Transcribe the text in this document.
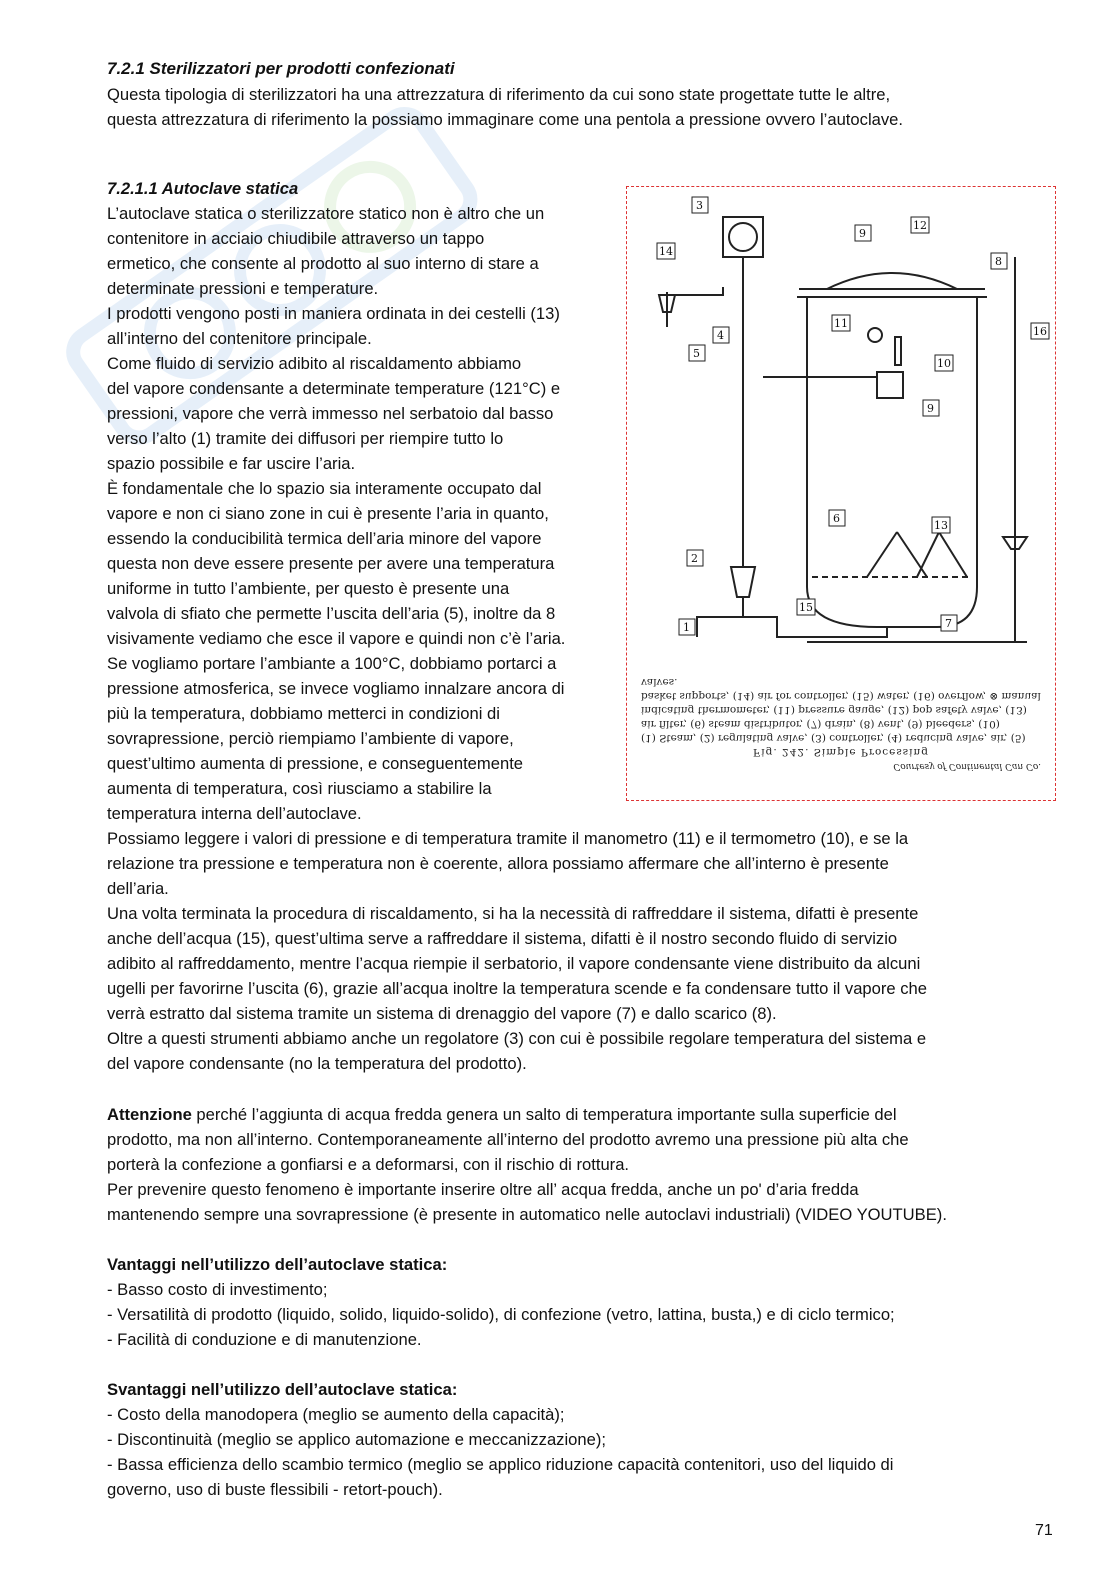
7.2.1 Sterilizzatori per prodotti confezionati

Questa tipologia di sterilizzatori ha una attrezzatura di riferimento da cui sono state progettate tutte le altre,

questa attrezzatura di riferimento la possiamo immaginare come una pentola a pressione ovvero l’autoclave.

7.2.1.1 Autoclave statica

L’autoclave statica o sterilizzatore statico non è altro che un

contenitore in acciaio chiudibile attraverso un tappo

ermetico, che consente al prodotto al suo interno di stare a

determinate pressioni e temperature.

I prodotti vengono posti in maniera ordinata in dei cestelli (13)

all’interno del contenitore principale.

Come fluido di servizio adibito al riscaldamento abbiamo

del vapore condensante a determinate temperature (121°C) e

pressioni, vapore che verrà immesso nel serbatoio dal basso

verso l’alto (1) tramite dei diffusori per riempire tutto lo

spazio possibile e far uscire l’aria.

È fondamentale che lo spazio sia interamente occupato dal

vapore e non ci siano zone in cui è presente l’aria in quanto,

essendo la conducibilità termica dell’aria minore del vapore

questa non deve essere presente per avere una temperatura

uniforme in tutto l’ambiente, per questo è presente una

valvola di sfiato che permette l’uscita dell’aria (5), inoltre da 8

visivamente vediamo che esce il vapore e quindi non c’è l’aria.

Se vogliamo portare l’ambiante a 100°C, dobbiamo portarci a

pressione atmosferica, se invece vogliamo innalzare ancora di

più la temperatura, dobbiamo metterci in condizioni di

sovrapressione, perciò riempiamo l’ambiente di vapore,

quest’ultimo aumenta di pressione, e conseguentemente

aumenta di temperatura, così riusciamo a stabilire la

temperatura interna dell’autoclave.

3
9
12
14
8
11
4	16
5
10
9
6
13
2
15
7
1
Courtesy of Continental Can Co.
Fig. 242. Simple Processing
(1) Steam, (2) regulating valve, (3) controller, (4) reducing valve, air, (5) air filter, (6) steam distributor, (7) drain, (8) vent, (9) bleeders, (10) indicating thermometer, (11) pressure gauge, (12) pop safety valve, (13) basket supports, (14) air for controller, (15) water, (16) overflow, ⊗ manual valves.

Possiamo leggere i valori di pressione e di temperatura tramite il manometro (11) e il termometro (10), e se la

relazione tra pressione e temperatura non è coerente, allora possiamo affermare che all’interno è presente

dell’aria.

Una volta terminata la procedura di riscaldamento, si ha la necessità di raffreddare il sistema, difatti è presente

anche dell’acqua (15), quest’ultima serve a raffreddare il sistema, difatti è il nostro secondo fluido di servizio

adibito al raffreddamento, mentre l’acqua riempie il serbatorio, il vapore condensante viene distribuito da alcuni

ugelli per favorirne l’uscita (6), grazie all’acqua inoltre la temperatura scende e fa condensare tutto il vapore che

verrà estratto dal sistema tramite un sistema di drenaggio del vapore (7) e dallo scarico (8).

Oltre a questi strumenti abbiamo anche un regolatore (3) con cui è possibile regolare temperatura del sistema e

del vapore condensante (no la temperatura del prodotto).

Attenzione perché l’aggiunta di acqua fredda genera un salto di temperatura importante sulla superficie del

prodotto, ma non all’interno. Contemporaneamente all’interno del prodotto avremo una pressione più alta che

porterà la confezione a gonfiarsi e a deformarsi, con il rischio di rottura.

Per prevenire questo fenomeno è importante inserire oltre all’ acqua fredda, anche un po' d’aria fredda

mantenendo sempre una sovrapressione (è presente in automatico nelle autoclavi industriali) (VIDEO YOUTUBE).

Vantaggi nell’utilizzo dell’autoclave statica:

- Basso costo di investimento;

- Versatilità di prodotto (liquido, solido, liquido-solido), di confezione (vetro, lattina, busta,) e di ciclo termico;

- Facilità di conduzione e di manutenzione.

Svantaggi nell’utilizzo dell’autoclave statica:

- Costo della manodopera (meglio se aumento della capacità);

- Discontinuità (meglio se applico automazione e meccanizzazione);

- Bassa efficienza dello scambio termico (meglio se applico riduzione capacità contenitori, uso del liquido di

governo, uso di buste flessibili - retort-pouch).

71
